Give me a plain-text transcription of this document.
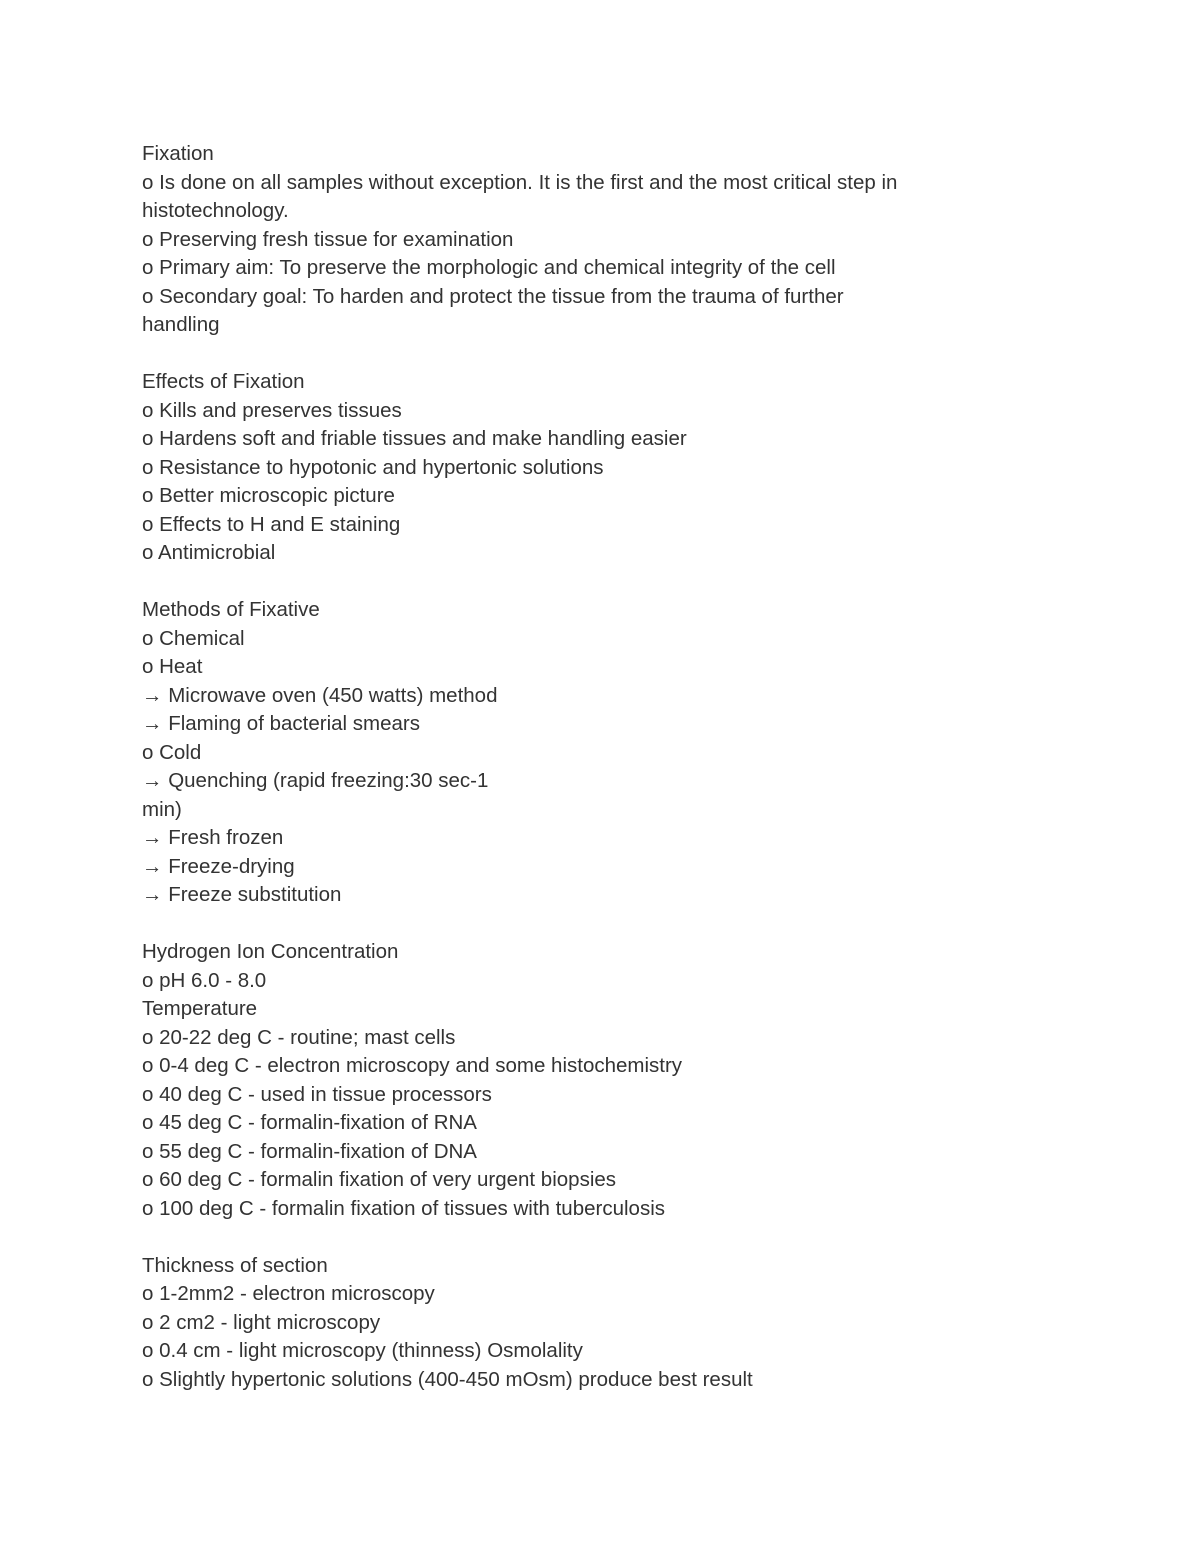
Fixation
o Is done on all samples without exception. It is the first and the most critical step in
histotechnology.
o Preserving fresh tissue for examination
o Primary aim: To preserve the morphologic and chemical integrity of the cell
o Secondary goal: To harden and protect the tissue from the trauma of further
handling
Effects of Fixation
o Kills and preserves tissues
o Hardens soft and friable tissues and make handling easier
o Resistance to hypotonic and hypertonic solutions
o Better microscopic picture
o Effects to H and E staining
o Antimicrobial
Methods of Fixative
o Chemical
o Heat
→ Microwave oven (450 watts) method
→ Flaming of bacterial smears
o Cold
→ Quenching (rapid freezing:30 sec-1
min)
→ Fresh frozen
→ Freeze-drying
→ Freeze substitution
Hydrogen Ion Concentration
o pH 6.0 - 8.0
Temperature
o 20-22 deg C - routine; mast cells
o 0-4 deg C - electron microscopy and some histochemistry
o 40 deg C - used in tissue processors
o 45 deg C - formalin-fixation of RNA
o 55 deg C - formalin-fixation of DNA
o 60 deg C - formalin fixation of very urgent biopsies
o 100 deg C - formalin fixation of tissues with tuberculosis
Thickness of section
o 1-2mm2 - electron microscopy
o 2 cm2 - light microscopy
o 0.4 cm - light microscopy (thinness) Osmolality
o Slightly hypertonic solutions (400-450 mOsm) produce best result
